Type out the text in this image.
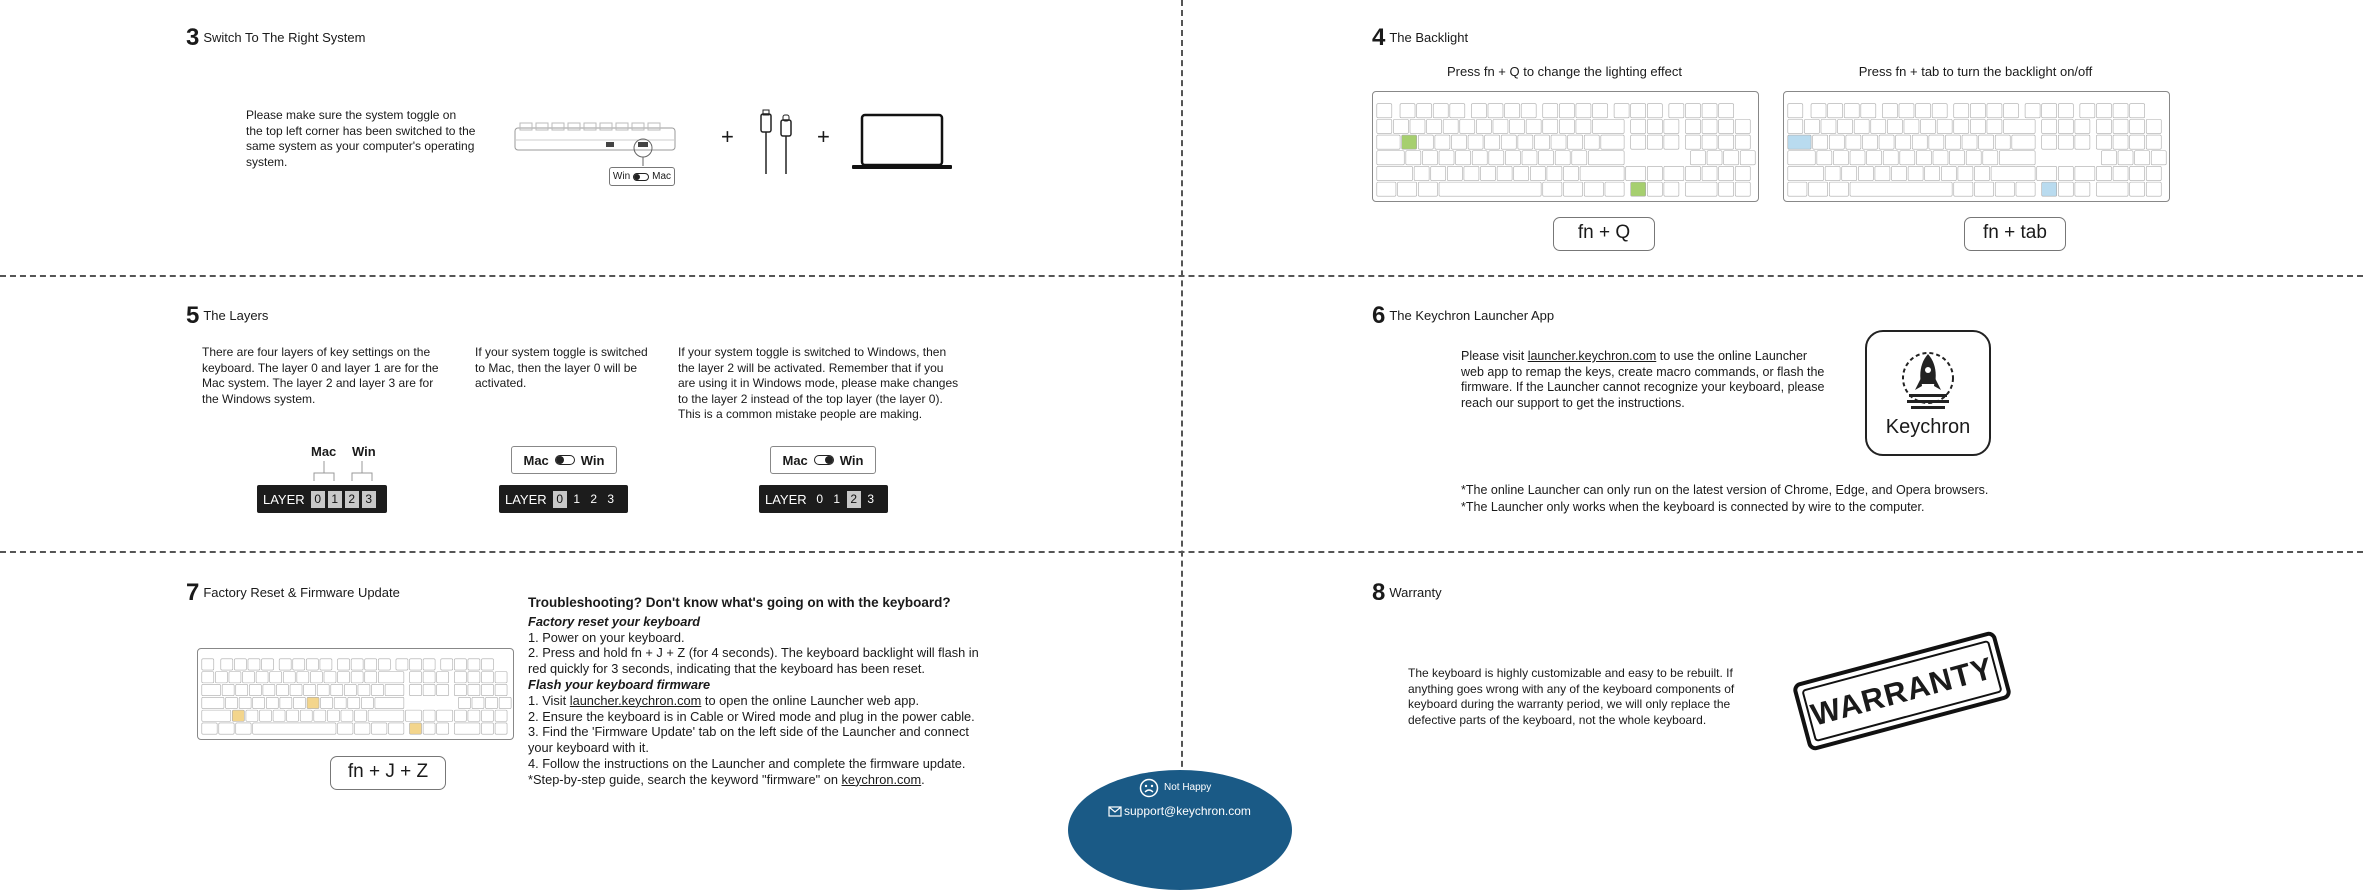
3 Switch To The Right System
Please make sure the system toggle on the top left corner has been switched to the same system as your computer's operating system.
Win Mac
+	+
4 The Backlight
Press fn + Q to change the lighting effect	Press fn + tab to turn the backlight on/off
fn + Q	fn + tab
5 The Layers
There are four layers of key settings on the keyboard. The layer 0 and layer 1 are for the Mac system. The layer 2 and layer 3 are for the Windows system.
If your system toggle is switched to Mac, then the layer 0 will be activated.
If your system toggle is switched to Windows, then the layer 2 will be activated. Remember that if you are using it in Windows mode, please make changes to the layer 2 instead of the top layer (the layer 0). This is a common mistake people are making.
Mac Win
LAYER 0 1 2 3
Mac Win
LAYER 0 1 2 3
Mac Win
LAYER 0 1 2 3
6 The Keychron Launcher App
Please visit launcher.keychron.com to use the online Launcher web app to remap the keys, create macro commands, or flash the firmware. If the Launcher cannot recognize your keyboard, please reach our support to get the instructions.
Keychron
*The online Launcher can only run on the latest version of Chrome, Edge, and Opera browsers.
*The Launcher only works when the keyboard is connected by wire to the computer.
7 Factory Reset & Firmware Update
fn + J + Z
Troubleshooting? Don't know what's going on with the keyboard?
Factory reset your keyboard
1. Power on your keyboard.
2. Press and hold fn + J + Z (for 4 seconds). The keyboard backlight will flash in red quickly for 3 seconds, indicating that the keyboard has been reset.
Flash your keyboard firmware
1. Visit launcher.keychron.com to open the online Launcher web app.
2. Ensure the keyboard is in Cable or Wired mode and plug in the power cable.
3. Find the 'Firmware Update' tab on the left side of the Launcher and connect your keyboard with it.
4. Follow the instructions on the Launcher and complete the firmware update.
*Step-by-step guide, search the keyword "firmware" on keychron.com.
8 Warranty
The keyboard is highly customizable and easy to be rebuilt. If anything goes wrong with any of the keyboard components of keyboard during the warranty period, we will only replace the defective parts of the keyboard, not the whole keyboard.	WARRANTY
Not Happy
support@keychron.com
